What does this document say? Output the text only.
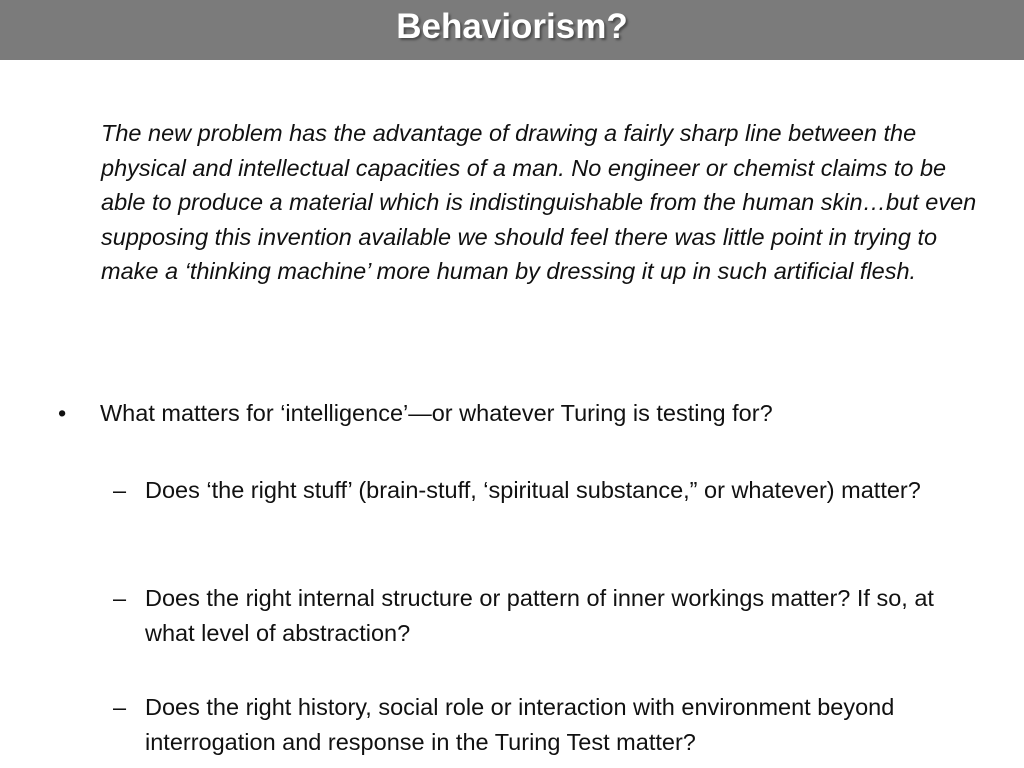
Behaviorism?
The new problem has the advantage of drawing a fairly sharp line between the physical and intellectual capacities of a man. No engineer or chemist claims to be able to produce a material which is indistinguishable from the human skin…but even supposing this invention available we should feel there was little point in trying to make a ‘thinking machine’ more human by dressing it up in such artificial flesh.
• What matters for ‘intelligence’—or whatever Turing is testing for?
– Does ‘the right stuff’ (brain-stuff, ‘spiritual substance,” or whatever) matter?
– Does the right internal structure or pattern of inner workings matter? If so, at what level of abstraction?
– Does the right history, social role or interaction with environment beyond interrogation and response in the Turing Test matter?
